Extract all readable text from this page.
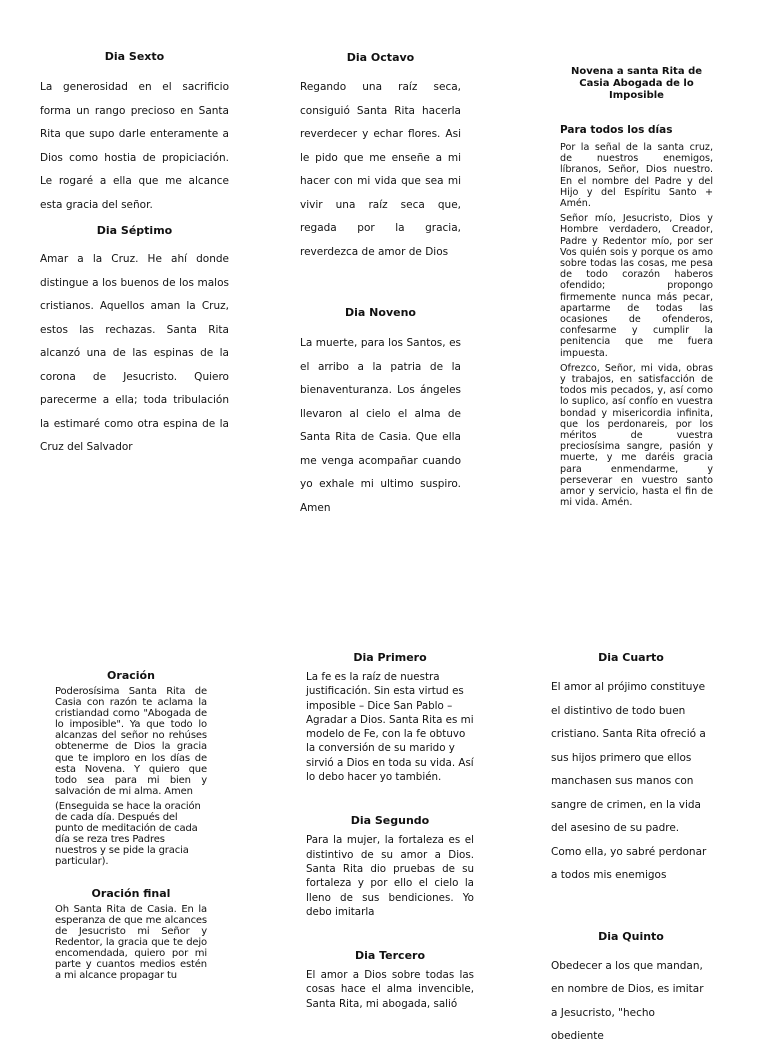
Dia Sexto

La generosidad en el sacrificio forma un rango precioso en Santa Rita que supo darle enteramente a Dios como hostia de propiciación. Le rogaré a ella que me alcance esta gracia del señor.

Dia Séptimo

Amar a la Cruz. He ahí donde distingue a los buenos de los malos cristianos. Aquellos aman la Cruz, estos las rechazas. Santa Rita alcanzó una de las espinas de la corona de Jesucristo. Quiero parecerme a ella; toda tribulación la estimaré como otra espina de la Cruz del Salvador

Dia Octavo

Regando una raíz seca, consiguió Santa Rita hacerla reverdecer y echar flores. Asi le pido que me enseñe a mi hacer con mi vida que sea mi vivir una raíz seca que, regada por la gracia, reverdezca de amor de Dios

Dia Noveno

La muerte, para los Santos, es el arribo a la patria de la bienaventuranza. Los ángeles llevaron al cielo el alma de Santa Rita de Casia. Que ella me venga acompañar cuando yo exhale mi ultimo suspiro. Amen

Novena a santa Rita de Casia Abogada de lo Imposible

Para todos los días

Por la señal de la santa cruz, de nuestros enemigos, líbranos, Señor, Dios nuestro. En el nombre del Padre y del Hijo y del Espíritu Santo + Amén.

Señor mío, Jesucristo, Dios y Hombre verdadero, Creador, Padre y Redentor mío, por ser Vos quién sois y porque os amo sobre todas las cosas, me pesa de todo corazón haberos ofendido; propongo firmemente nunca más pecar, apartarme de todas las ocasiones de ofenderos, confesarme y cumplir la penitencia que me fuera impuesta.

Ofrezco, Señor, mi vida, obras y trabajos, en satisfacción de todos mis pecados, y, así como lo suplico, así confío en vuestra bondad y misericordia infinita, que los perdonareis, por los méritos de vuestra preciosísima sangre, pasión y muerte, y me daréis gracia para enmendarme, y perseverar en vuestro santo amor y servicio, hasta el fin de mi vida. Amén.

Oración

Poderosísima Santa Rita de Casia con razón te aclama la cristiandad como "Abogada de lo imposible". Ya que todo lo alcanzas del señor no rehúses obtenerme de Dios la gracia que te imploro en los días de esta Novena. Y quiero que todo sea para mi bien y salvación de mi alma. Amen

(Enseguida se hace la oración de cada día. Después del punto de meditación de cada día se reza tres Padres nuestros y se pide la gracia particular).

Oración final

Oh Santa Rita de Casia. En la esperanza de que me alcances de Jesucristo mi Señor y Redentor, la gracia que te dejo encomendada, quiero por mi parte y cuantos medios estén a mi alcance propagar tu

Dia Primero

La fe es la raíz de nuestra justificación. Sin esta virtud es imposible – Dice San Pablo – Agradar a Dios. Santa Rita es mi modelo de Fe, con la fe obtuvo la conversión de su marido y sirvió a Dios en toda su vida. Así lo debo hacer yo también.

Dia Segundo

Para la mujer, la fortaleza es el distintivo de su amor a Dios. Santa Rita dio pruebas de su fortaleza y por ello el cielo la lleno de sus bendiciones. Yo debo imitarla

Dia Tercero

El amor a Dios sobre todas las cosas hace el alma invencible, Santa Rita, mi abogada, salió

Dia Cuarto

El amor al prójimo constituye el distintivo de todo buen cristiano. Santa Rita ofreció a sus hijos primero que ellos manchasen sus manos con sangre de crimen, en la vida del asesino de su padre. Como ella, yo sabré perdonar a todos mis enemigos

Dia Quinto

Obedecer a los que mandan, en nombre de Dios, es imitar a Jesucristo, "hecho obediente
